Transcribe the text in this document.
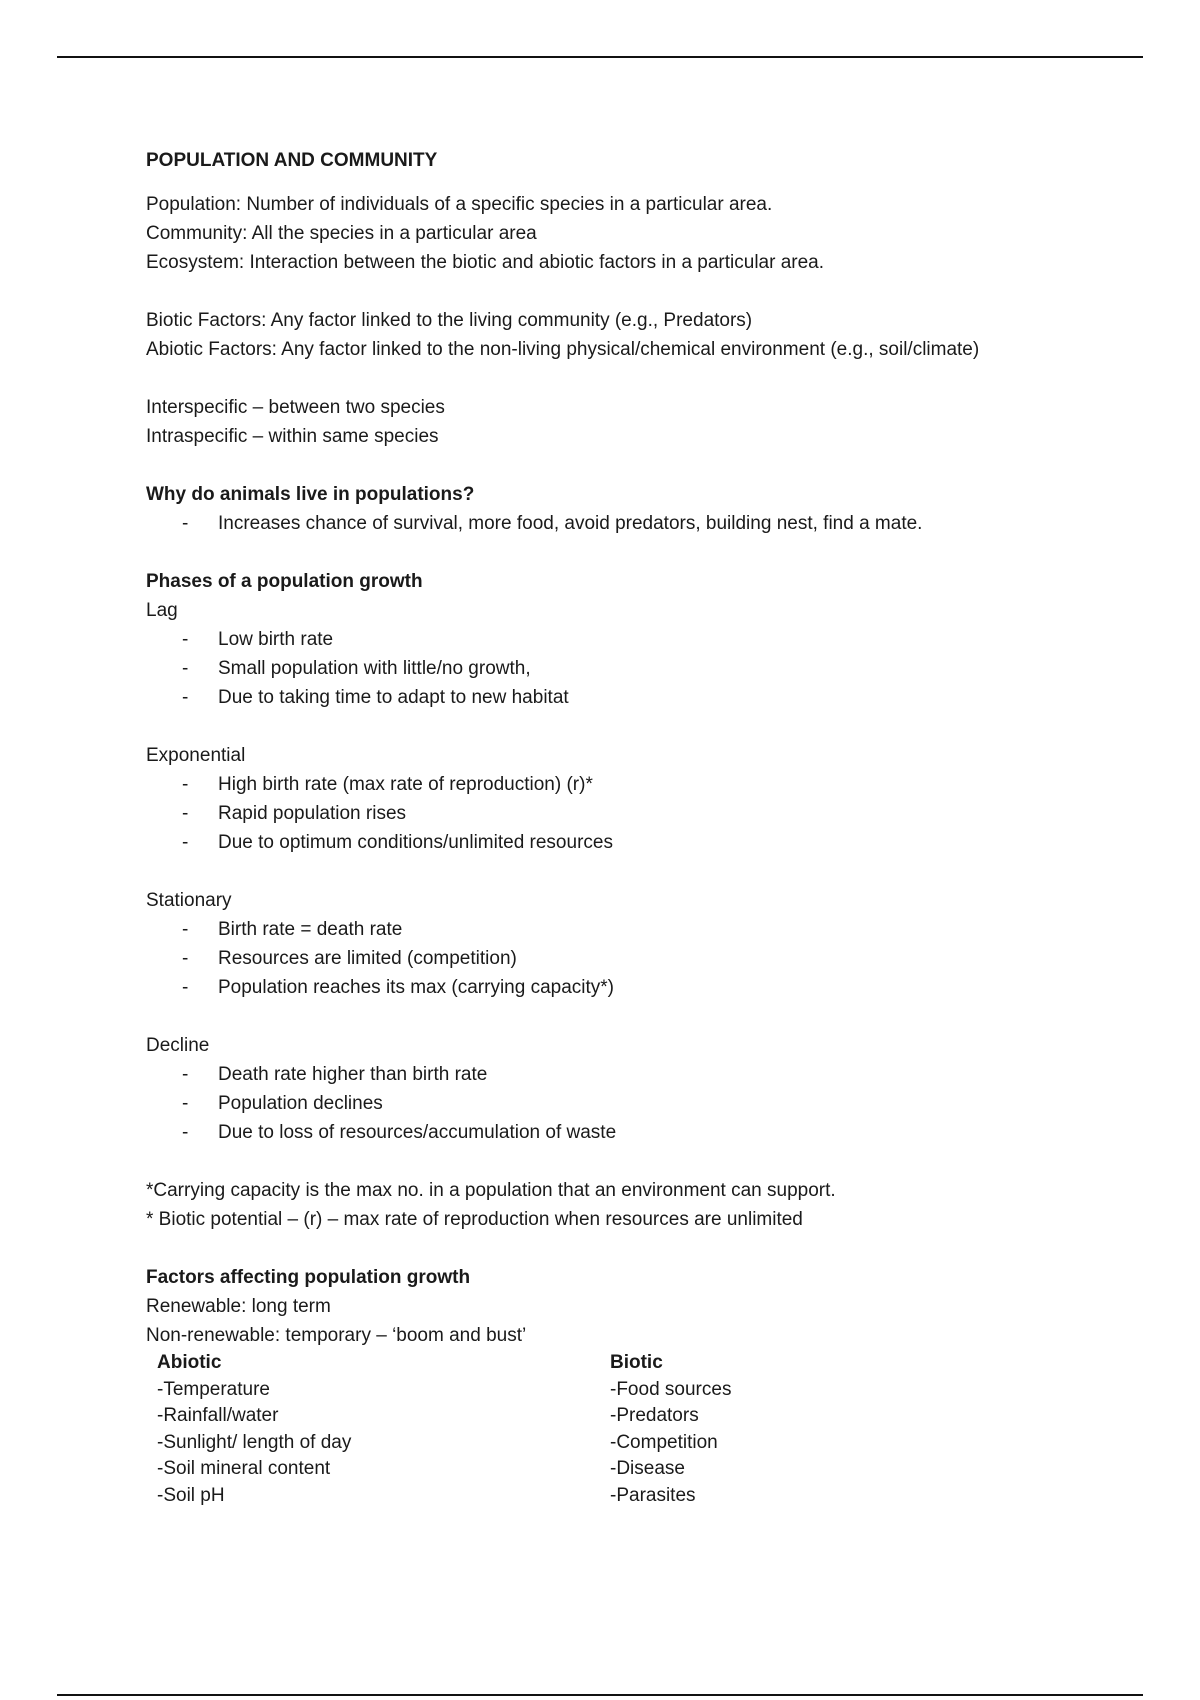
POPULATION AND COMMUNITY
Population: Number of individuals of a specific species in a particular area.
Community: All the species in a particular area
Ecosystem: Interaction between the biotic and abiotic factors in a particular area.
Biotic Factors: Any factor linked to the living community (e.g., Predators)
Abiotic Factors: Any factor linked to the non-living physical/chemical environment (e.g., soil/climate)
Interspecific – between two species
Intraspecific – within same species
Why do animals live in populations?
- Increases chance of survival, more food, avoid predators, building nest, find a mate.
Phases of a population growth
Lag
- Low birth rate
- Small population with little/no growth,
- Due to taking time to adapt to new habitat
Exponential
- High birth rate (max rate of reproduction) (r)*
- Rapid population rises
- Due to optimum conditions/unlimited resources
Stationary
- Birth rate = death rate
- Resources are limited (competition)
- Population reaches its max (carrying capacity*)
Decline
- Death rate higher than birth rate
- Population declines
- Due to loss of resources/accumulation of waste
*Carrying capacity is the max no. in a population that an environment can support.
* Biotic potential – (r) – max rate of reproduction when resources are unlimited
Factors affecting population growth
Renewable: long term
Non-renewable: temporary – ‘boom and bust’
Abiotic
-Temperature
-Rainfall/water
-Sunlight/ length of day
-Soil mineral content
-Soil pH
Biotic
-Food sources
-Predators
-Competition
-Disease
-Parasites
